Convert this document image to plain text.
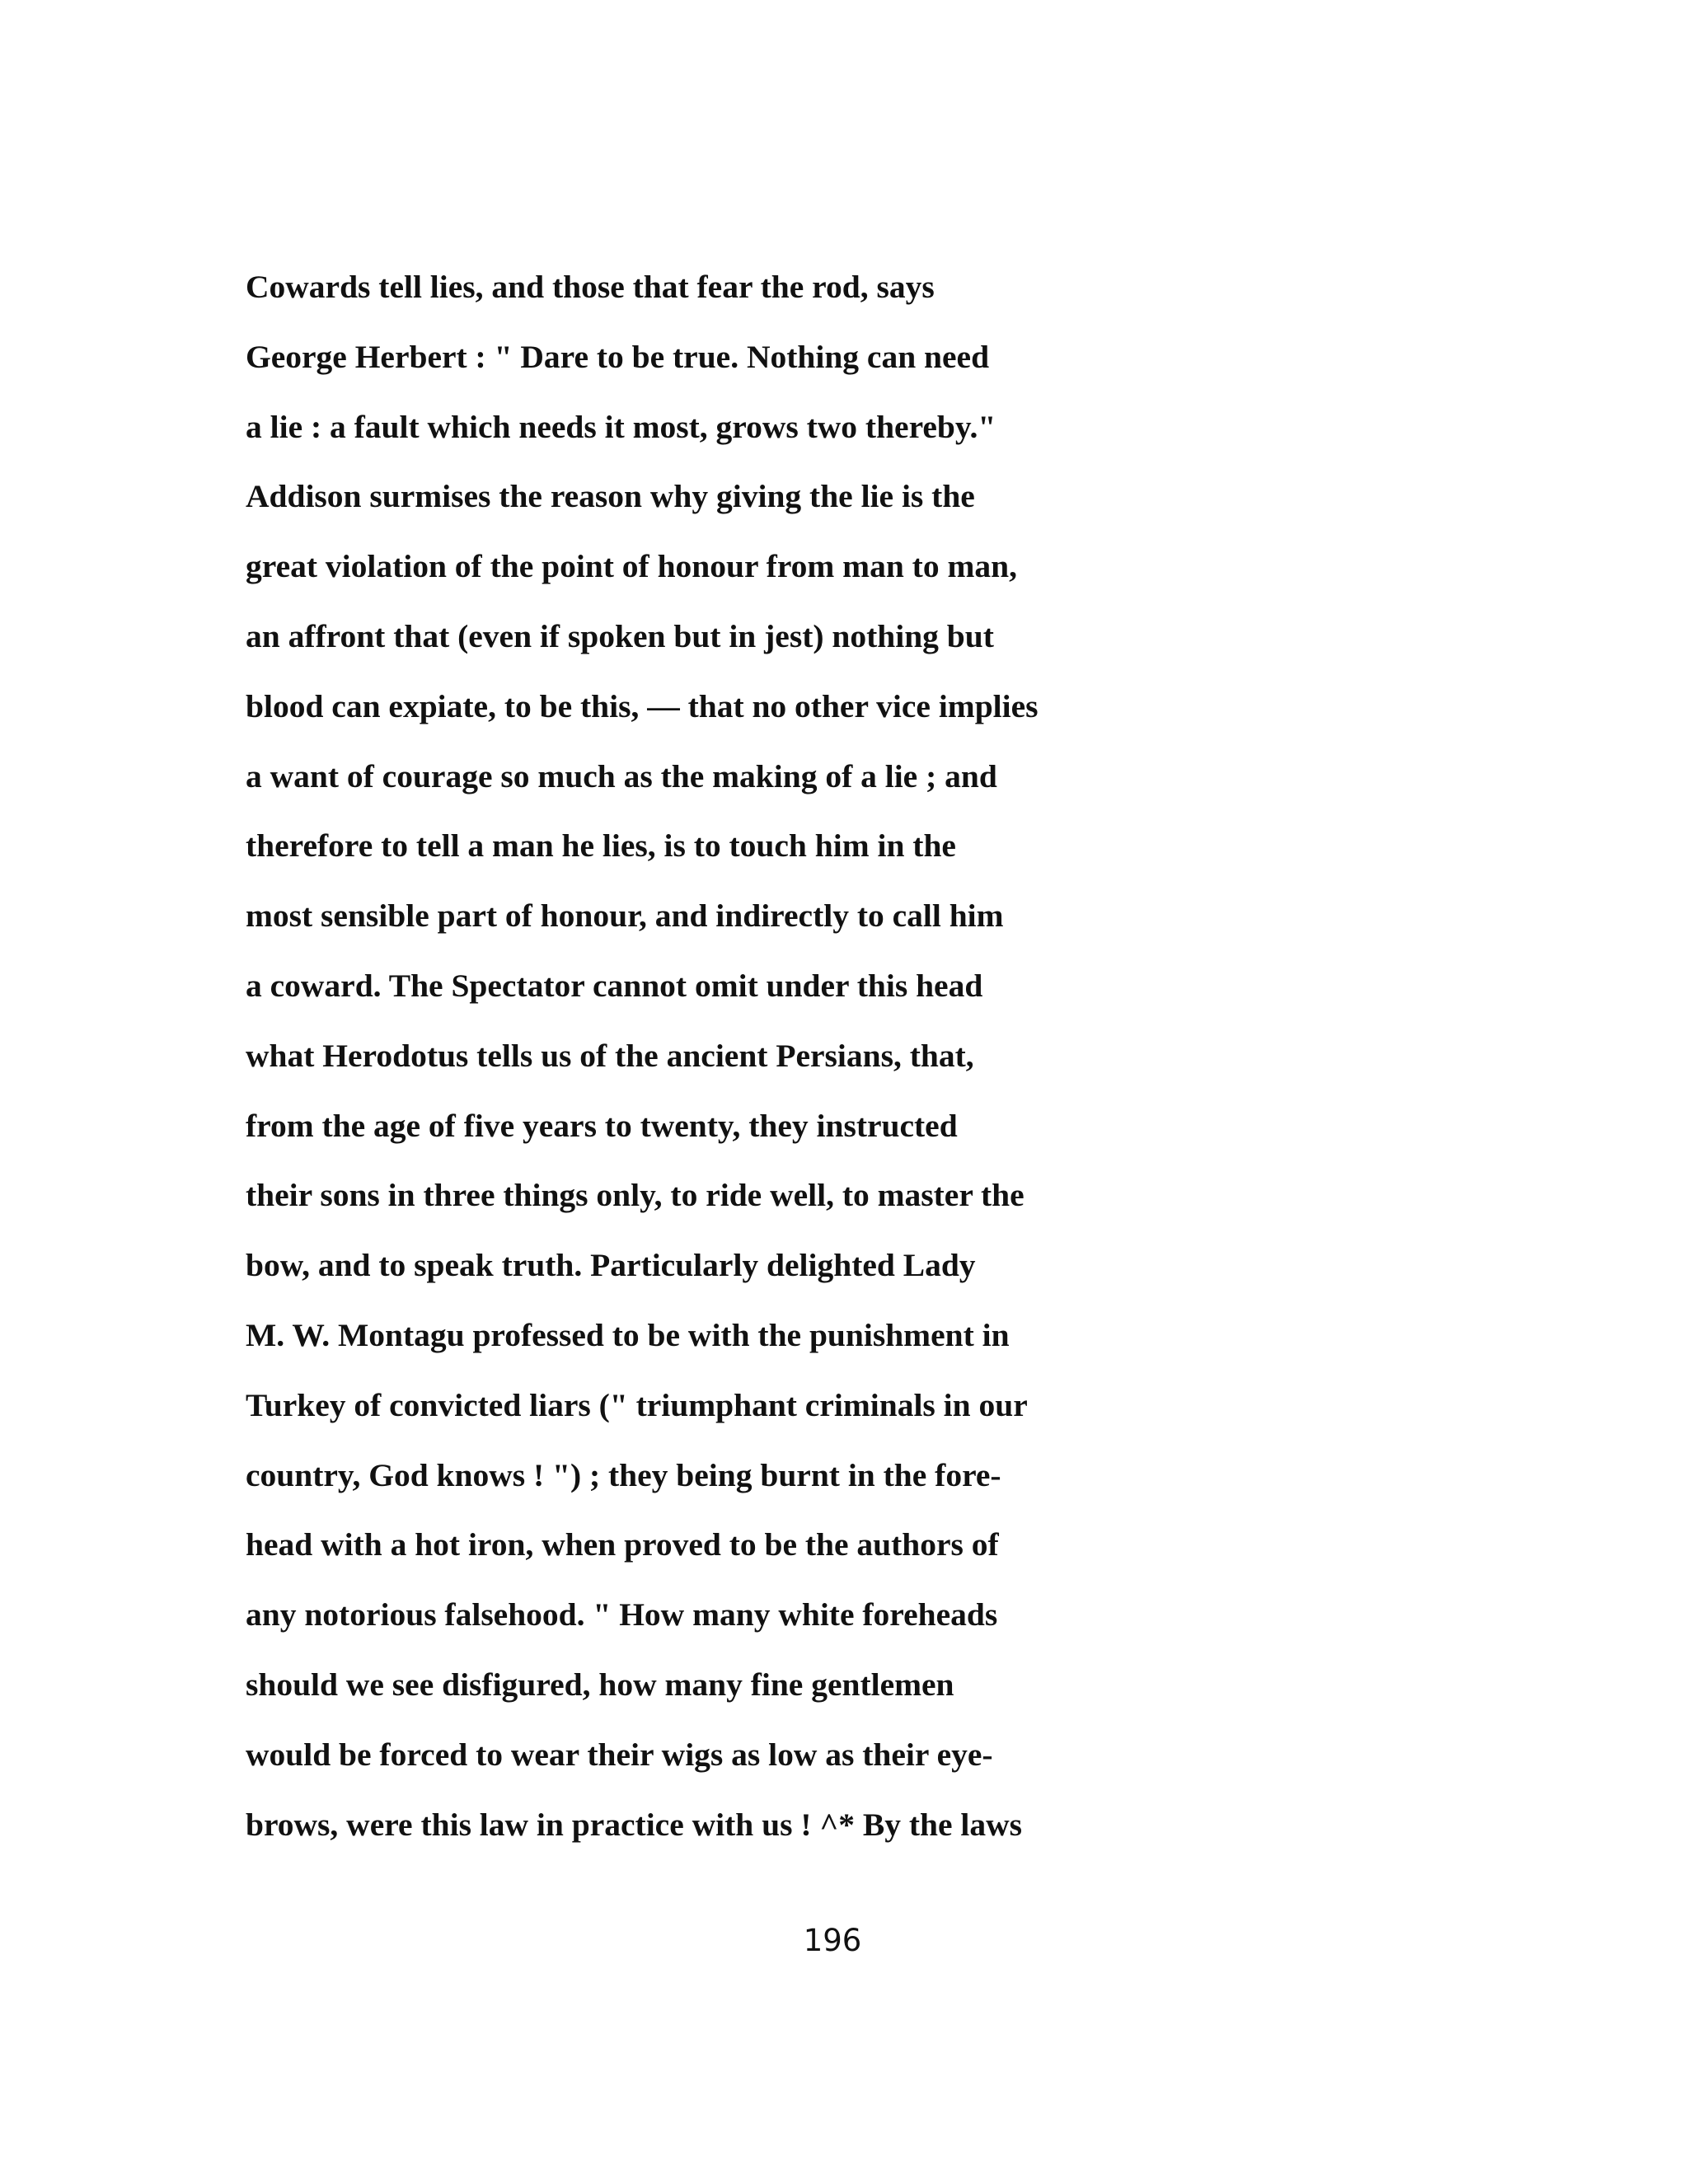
Cowards tell lies, and those that fear the rod, says
George Herbert : " Dare to be true. Nothing can need
a lie : a fault which needs it most, grows two thereby."
Addison surmises the reason why giving the lie is the
great violation of the point of honour from man to man,
an affront that (even if spoken but in jest) nothing but
blood can expiate, to be this, — that no other vice implies
a want of courage so much as the making of a lie ; and
therefore to tell a man he lies, is to touch him in the
most sensible part of honour, and indirectly to call him
a coward. The Spectator cannot omit under this head
what Herodotus tells us of the ancient Persians, that,
from the age of five years to twenty, they instructed
their sons in three things only, to ride well, to master the
bow, and to speak truth. Particularly delighted Lady
M. W. Montagu professed to be with the punishment in
Turkey of convicted liars (" triumphant criminals in our
country, God knows ! ") ; they being burnt in the fore-
head with a hot iron, when proved to be the authors of
any notorious falsehood. " How many white foreheads
should we see disfigured, how many fine gentlemen
would be forced to wear their wigs as low as their eye-
brows, were this law in practice with us ! ^* By the laws
196
